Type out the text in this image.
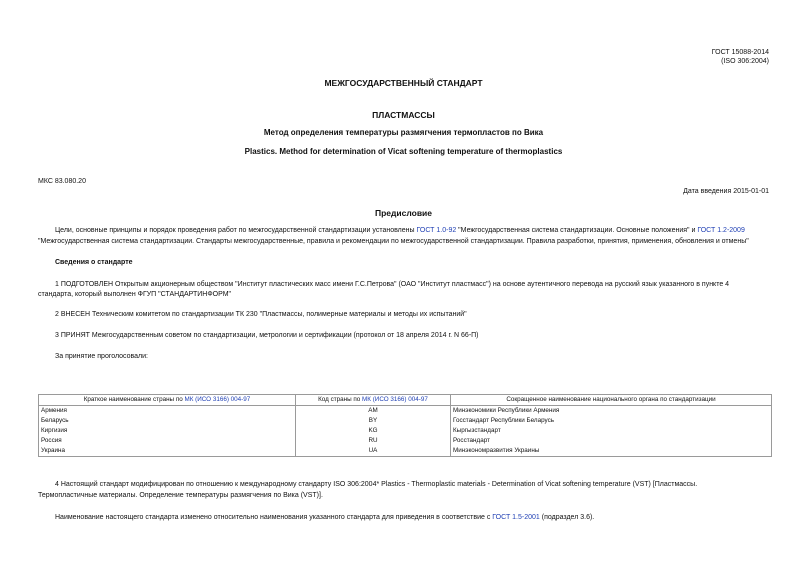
ГОСТ 15088-2014
(ISO 306:2004)
МЕЖГОСУДАРСТВЕННЫЙ СТАНДАРТ
ПЛАСТМАССЫ
Метод определения температуры размягчения термопластов по Вика
Plastics. Method for determination of Vicat softening temperature of thermoplastics
МКС 83.080.20
Дата введения 2015-01-01
Предисловие
Цели, основные принципы и порядок проведения работ по межгосударственной стандартизации установлены ГОСТ 1.0-92 "Межгосударственная система стандартизации. Основные положения" и ГОСТ 1.2-2009
"Межгосударственная система стандартизации. Стандарты межгосударственные, правила и рекомендации по межгосударственной стандартизации. Правила разработки, принятия, применения, обновления и отмены"
Сведения о стандарте
1 ПОДГОТОВЛЕН Открытым акционерным обществом "Институт пластических масс имени Г.С.Петрова" (ОАО "Институт пластмасс") на основе аутентичного перевода на русский язык указанного в пункте 4
стандарта, который выполнен ФГУП "СТАНДАРТИНФОРМ"
2 ВНЕСЕН Техническим комитетом по стандартизации ТК 230 "Пластмассы, полимерные материалы и методы их испытаний"
3 ПРИНЯТ Межгосударственным советом по стандартизации, метрологии и сертификации (протокол от 18 апреля 2014 г. N 66-П)
За принятие проголосовали:
Краткое наименование страны по МК (ИСО 3166) 004-97	Код страны по МК (ИСО 3166) 004-97	Сокращенное наименование национального органа по стандартизации
Армения	AM	Минэкономики Республики Армения
Беларусь	BY	Госстандарт Республики Беларусь
Киргизия	KG	Кыргызстандарт
Россия	RU	Росстандарт
Украина	UA	Минэкономразвития Украины
4 Настоящий стандарт модифицирован по отношению к международному стандарту ISO 306:2004* Plastics - Thermoplastic materials - Determination of Vicat softening temperature (VST) [Пластмассы.
Термопластичные материалы. Определение температуры размягчения по Вика (VST)].
Наименование настоящего стандарта изменено относительно наименования указанного стандарта для приведения в соответствие с ГОСТ 1.5-2001 (подраздел 3.6).
